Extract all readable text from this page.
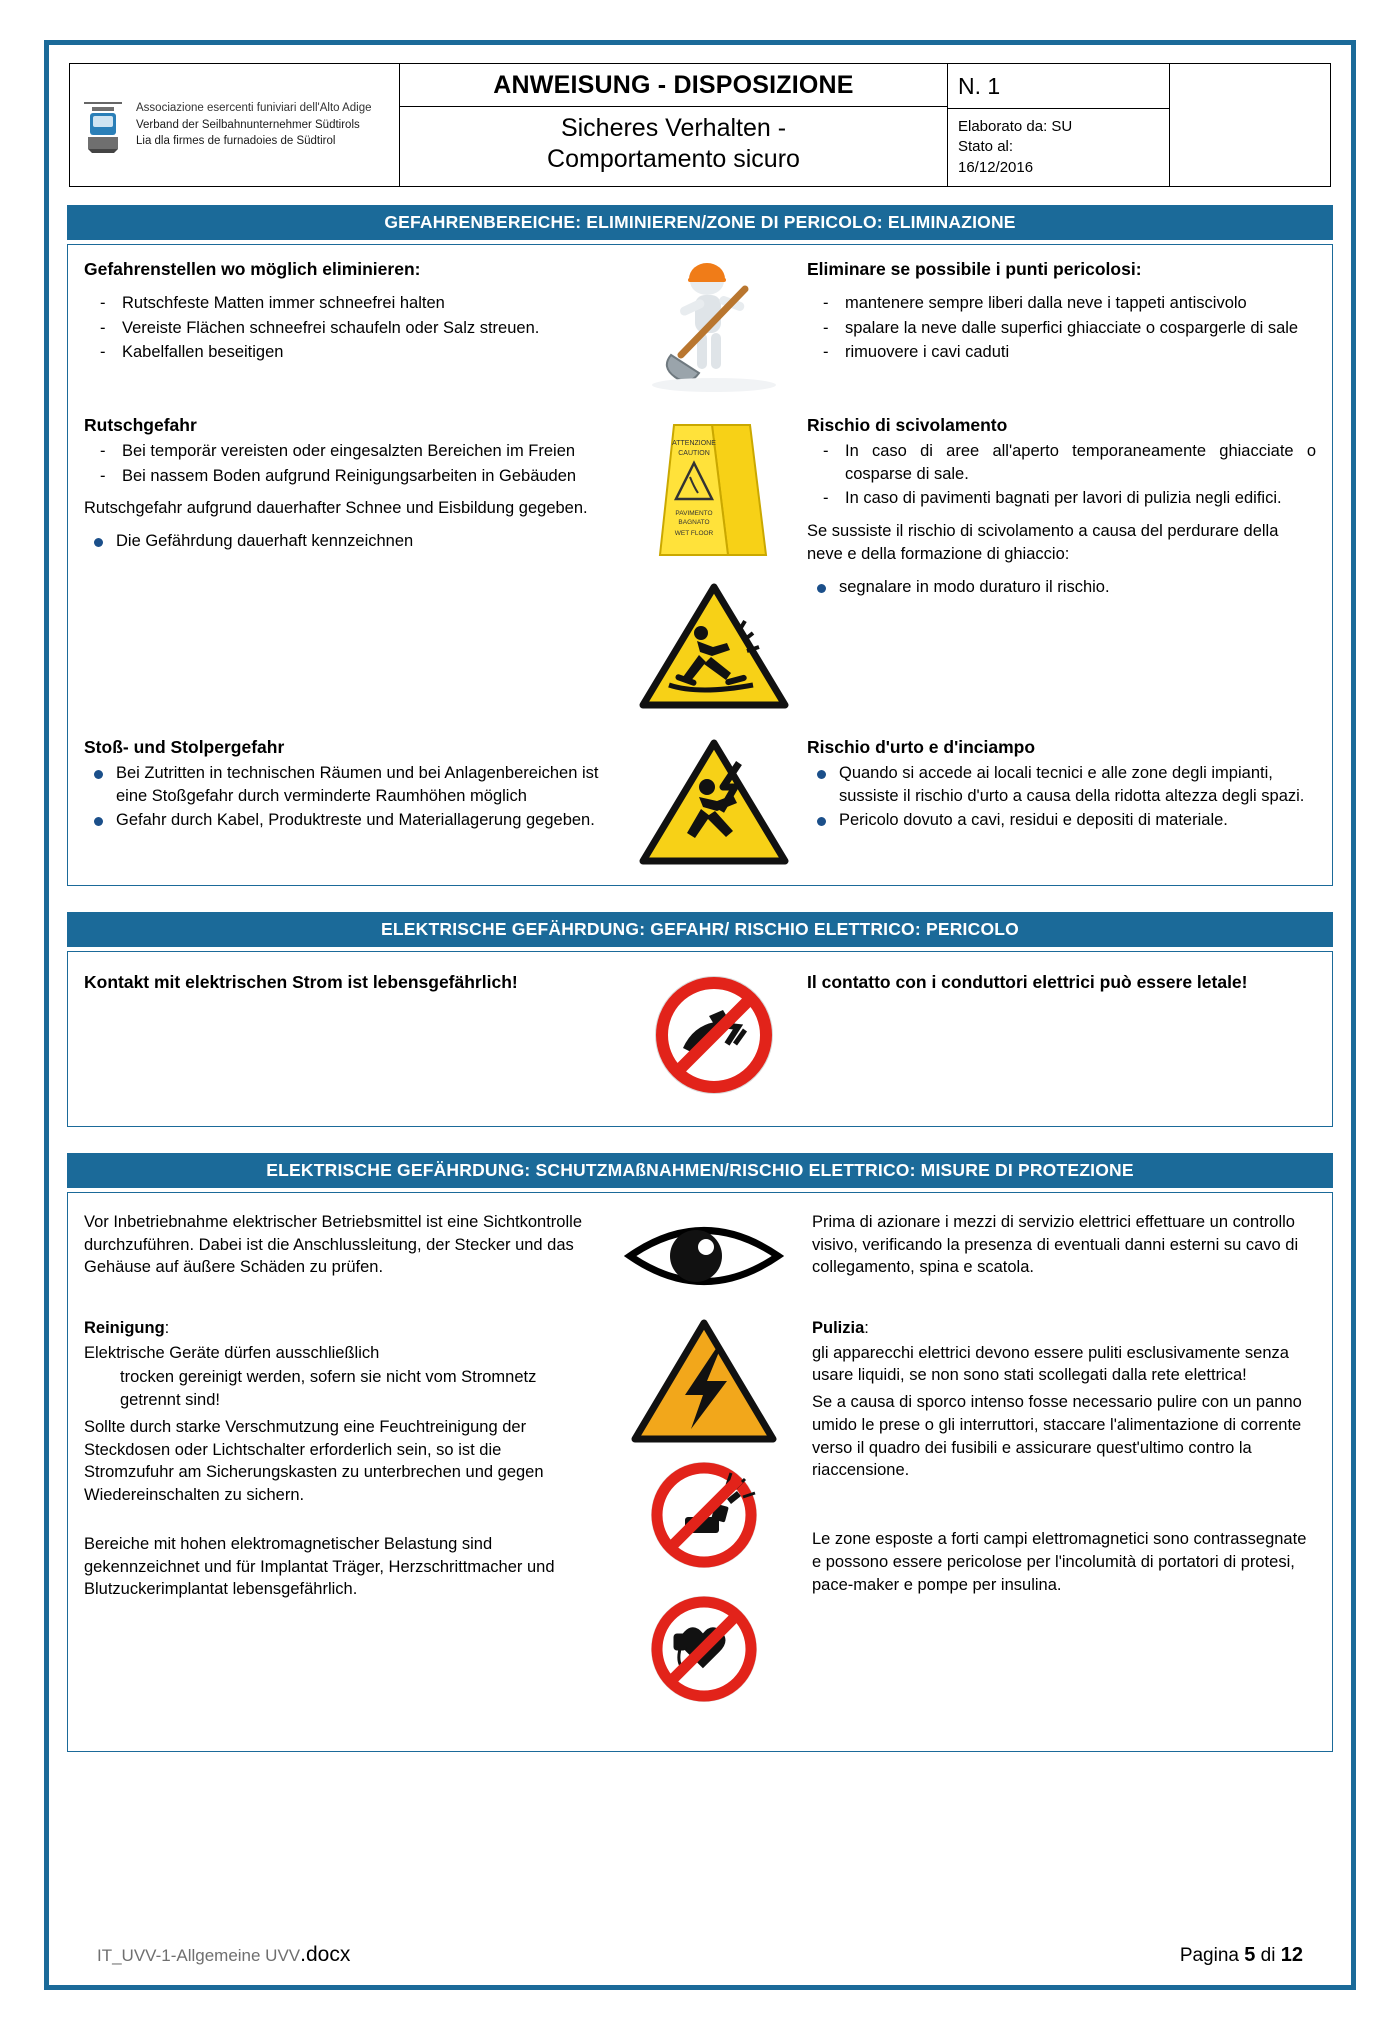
Associazione esercenti funiviari dell'Alto Adige
Verband der Seilbahnunternehmer Südtirols
Lia dla firmes de furnadoies de Südtirol
ANWEISUNG - DISPOSIZIONE
Sicheres Verhalten -
Comportamento sicuro
N. 1
Elaborato da: SU
Stato al:
16/12/2016
GEFAHRENBEREICHE: ELIMINIEREN/ZONE DI PERICOLO: ELIMINAZIONE
Gefahrenstellen wo möglich eliminieren:
- Rutschfeste Matten immer schneefrei halten
- Vereiste Flächen schneefrei schaufeln oder Salz streuen.
- Kabelfallen beseitigen
Eliminare se possibile i punti pericolosi:
- mantenere sempre liberi dalla neve i tappeti antiscivolo
- spalare la neve dalle superfici ghiacciate o cospargerle di sale
- rimuovere i cavi caduti
Rutschgefahr
- Bei temporär vereisten oder eingesalzten Bereichen im Freien
- Bei nassem Boden aufgrund Reinigungsarbeiten in Gebäuden

Rutschgefahr aufgrund dauerhafter Schnee und Eisbildung gegeben.

Die Gefährdung dauerhaft kennzeichnen
ATTENZIONE
CAUTION
PAVIMENTO
BAGNATO
WET FLOOR
Rischio di scivolamento
- In caso di aree all'aperto temporaneamente ghiacciate o cosparse di sale.
- In caso di pavimenti bagnati per lavori di pulizia negli edifici.

Se sussiste il rischio di scivolamento a causa del perdurare della neve e della formazione di ghiaccio:

segnalare in modo duraturo il rischio.
Stoß- und Stolpergefahr
Bei Zutritten in technischen Räumen und bei Anlagenbereichen ist eine Stoßgefahr durch verminderte Raumhöhen möglich
Gefahr durch Kabel, Produktreste und Materiallagerung gegeben.
Rischio d'urto e d'inciampo
Quando si accede ai locali tecnici e alle zone degli impianti, sussiste il rischio d'urto a causa della ridotta altezza degli spazi.
Pericolo dovuto a cavi, residui e depositi di materiale.
ELEKTRISCHE GEFÄHRDUNG: GEFAHR/ RISCHIO ELETTRICO: PERICOLO

Kontakt mit elektrischen Strom ist lebensgefährlich!	Il contatto con i conduttori elettrici può essere letale!

ELEKTRISCHE GEFÄHRDUNG: SCHUTZMAßNAHMEN/RISCHIO ELETTRICO: MISURE DI PROTEZIONE

Vor Inbetriebnahme elektrischer Betriebsmittel ist eine Sichtkontrolle durchzuführen. Dabei ist die Anschlussleitung, der Stecker und das Gehäuse auf äußere Schäden zu prüfen.

Prima di azionare i mezzi di servizio elettrici effettuare un controllo visivo, verificando la presenza di eventuali danni esterni su cavo di collegamento, spina e scatola.

Reinigung:

Elektrische Geräte dürfen ausschließlich

trocken gereinigt werden, sofern sie nicht vom Stromnetz getrennt sind!

Sollte durch starke Verschmutzung eine Feuchtreinigung der Steckdosen oder Lichtschalter erforderlich sein, so ist die Stromzufuhr am Sicherungskasten zu unterbrechen und gegen Wiedereinschalten zu sichern.

Bereiche mit hohen elektromagnetischer Belastung sind gekennzeichnet und für Implantat Träger, Herzschrittmacher und Blutzuckerimplantat lebensgefährlich.

Pulizia:

gli apparecchi elettrici devono essere puliti esclusivamente senza usare liquidi, se non sono stati scollegati dalla rete elettrica!

Se a causa di sporco intenso fosse necessario pulire con un panno umido le prese o gli interruttori, staccare l'alimentazione di corrente verso il quadro dei fusibili e assicurare quest'ultimo contro la riaccensione.

Le zone esposte a forti campi elettromagnetici sono contrassegnate e possono essere pericolose per l'incolumità di portatori di protesi, pace-maker e pompe per insulina.

IT_UVV-1-Allgemeine UVV.docx	Pagina 5 di 12
